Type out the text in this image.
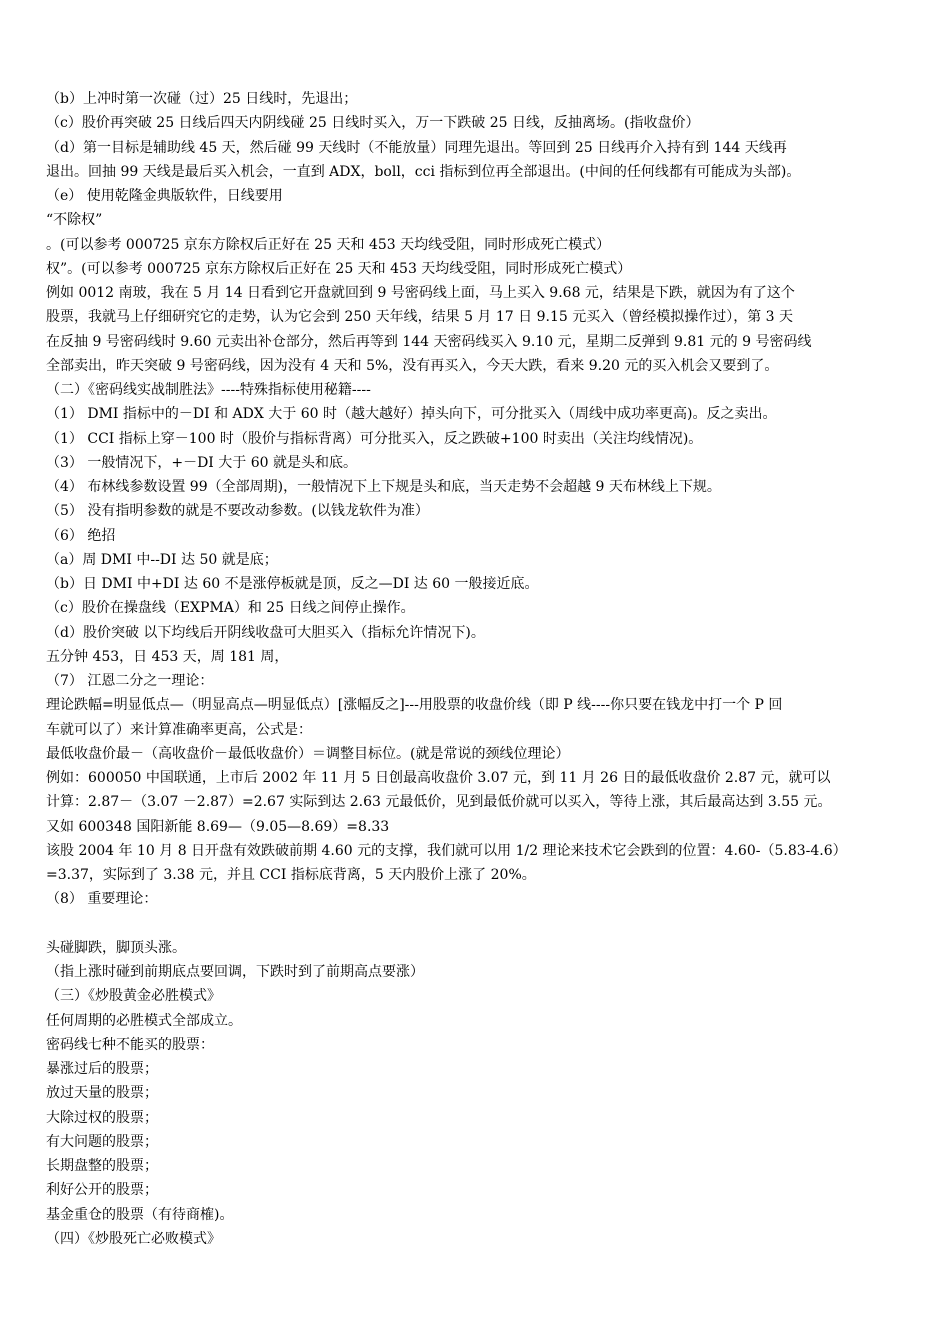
（b）上冲时第一次碰（过）25 日线时，先退出；
（c）股价再突破 25 日线后四天内阴线碰 25 日线时买入，万一下跌破 25 日线，反抽离场。(指收盘价）
（d）第一目标是辅助线 45 天，然后碰 99 天线时（不能放量）同理先退出。等回到 25 日线再介入持有到 144 天线再
退出。回抽 99 天线是最后买入机会，一直到 ADX，boll，cci 指标到位再全部退出。(中间的任何线都有可能成为头部)。
（e） 使用乾隆金典版软件，日线要用
“不除权”
。(可以参考 000725 京东方除权后正好在 25 天和 453 天均线受阻，同时形成死亡模式）
权”。(可以参考 000725 京东方除权后正好在 25 天和 453 天均线受阻，同时形成死亡模式）
例如 0012 南玻，我在 5 月 14 日看到它开盘就回到 9 号密码线上面，马上买入 9.68 元，结果是下跌，就因为有了这个
股票，我就马上仔细研究它的走势，认为它会到 250 天年线，结果 5 月 17 日 9.15 元买入（曾经模拟操作过），第 3 天
在反抽 9 号密码线时 9.60 元卖出补仓部分，然后再等到 144 天密码线买入 9.10 元，星期二反弹到 9.81 元的 9 号密码线
全部卖出，昨天突破 9 号密码线，因为没有 4 天和 5%，没有再买入，今天大跌，看来 9.20 元的买入机会又要到了。
（二）《密码线实战制胜法》----特殊指标使用秘籍----
（1） DMI 指标中的－DI 和 ADX 大于 60 时（越大越好）掉头向下，可分批买入（周线中成功率更高)。反之卖出。
（1） CCI 指标上穿－100 时（股价与指标背离）可分批买入，反之跌破+100 时卖出（关注均线情况)。
（3） 一般情况下，+－DI 大于 60 就是头和底。
（4） 布林线参数设置 99（全部周期)，一般情况下上下规是头和底，当天走势不会超越 9 天布林线上下规。
（5） 没有指明参数的就是不要改动参数。(以钱龙软件为准）
（6） 绝招
（a）周 DMI 中--DI 达 50 就是底；
（b）日 DMI 中+DI 达 60 不是涨停板就是顶，反之—DI 达 60 一般接近底。
（c）股价在操盘线（EXPMA）和 25 日线之间停止操作。
（d）股价突破 以下均线后开阴线收盘可大胆买入（指标允许情况下)。
五分钟 453，日 453 天，周 181 周，
（7） 江恩二分之一理论：
理论跌幅=明显低点—（明显高点—明显低点）[涨幅反之]---用股票的收盘价线（即 P 线----你只要在钱龙中打一个 P 回
车就可以了）来计算准确率更高，公式是：
最低收盘价最－（高收盘价－最低收盘价）＝调整目标位。(就是常说的颈线位理论）
例如：600050 中国联通，上市后 2002 年 11 月 5 日创最高收盘价 3.07 元，到 11 月 26 日的最低收盘价 2.87 元，就可以
计算：2.87－（3.07 －2.87）=2.67 实际到达 2.63 元最低价，见到最低价就可以买入，等待上涨，其后最高达到 3.55 元。
又如 600348 国阳新能 8.69—（9.05—8.69）=8.33
该股 2004 年 10 月 8 日开盘有效跌破前期 4.60 元的支撑，我们就可以用 1/2 理论来技术它会跌到的位置：4.60-（5.83-4.6）
=3.37，实际到了 3.38 元，并且 CCI 指标底背离，5 天内股价上涨了 20%。
（8） 重要理论：
头碰脚跌，脚顶头涨。
（指上涨时碰到前期底点要回调，下跌时到了前期高点要涨）
（三）《炒股黄金必胜模式》
任何周期的必胜模式全部成立。
密码线七种不能买的股票：
暴涨过后的股票；
放过天量的股票；
大除过权的股票；
有大问题的股票；
长期盘整的股票；
利好公开的股票；
基金重仓的股票（有待商榷)。
（四）《炒股死亡必败模式》
